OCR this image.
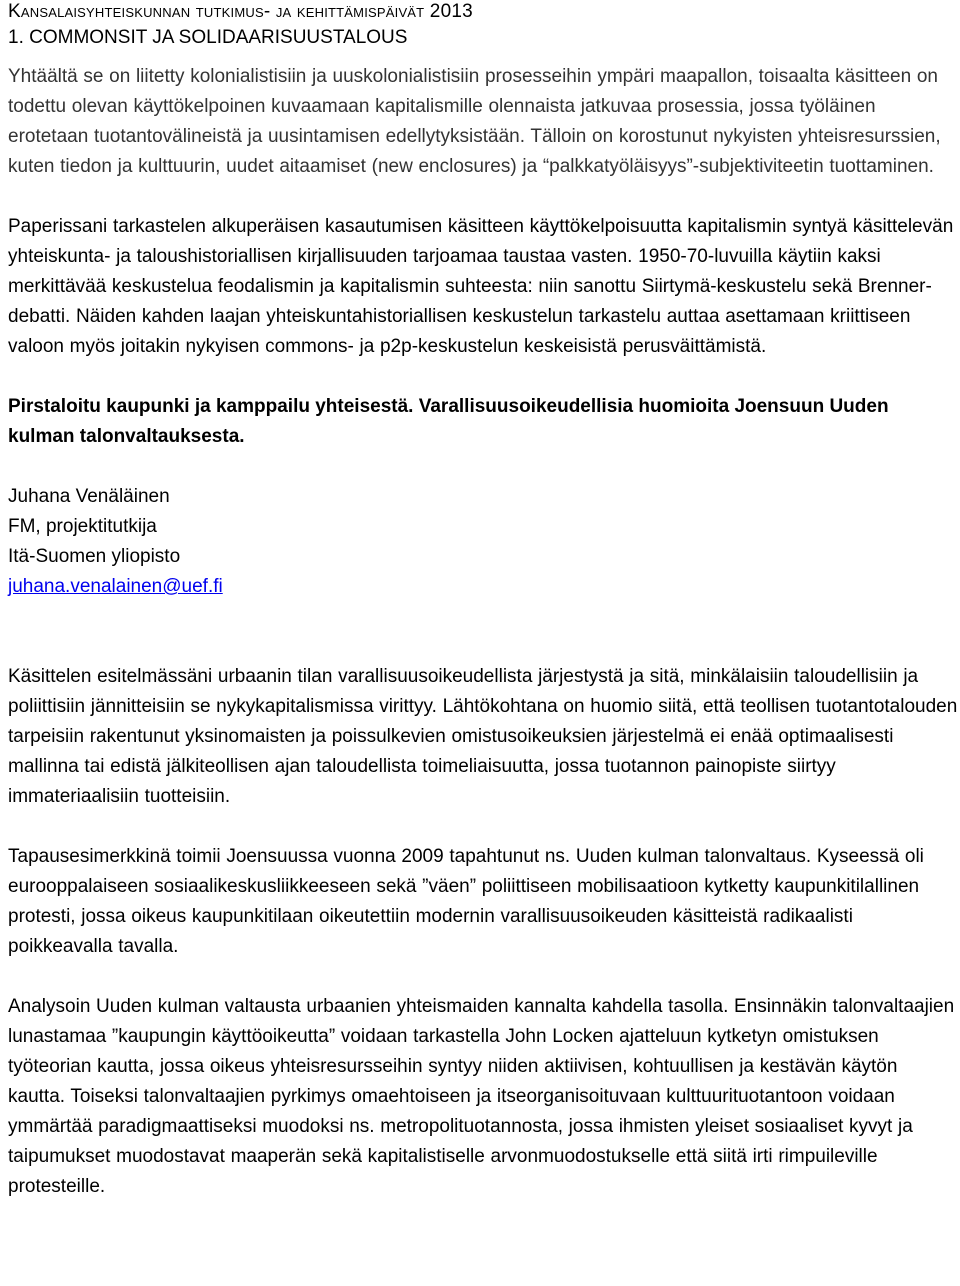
Kansalaisyhteiskunnan tutkimus- ja kehittämispäivät 2013

1. COMMONSIT JA SOLIDAARISUUSTALOUS

Yhtäältä se on liitetty kolonialistisiin ja uuskolonialistisiin prosesseihin ympäri maapallon, toisaalta käsitteen on todettu olevan käyttökelpoinen kuvaamaan kapitalismille olennaista jatkuvaa prosessia, jossa työläinen erotetaan tuotantovälineistä ja uusintamisen edellytyksistään. Tälloin on korostunut nykyisten yhteisresurssien, kuten tiedon ja kulttuurin, uudet aitaamiset (new enclosures) ja “palkkatyöläisyys”-subjektiviteetin tuottaminen.

Paperissani tarkastelen alkuperäisen kasautumisen käsitteen käyttökelpoisuutta kapitalismin syntyä käsittelevän yhteiskunta- ja taloushistoriallisen kirjallisuuden tarjoamaa taustaa vasten. 1950-70-luvuilla käytiin kaksi merkittävää keskustelua feodalismin ja kapitalismin suhteesta: niin sanottu Siirtymä-keskustelu sekä Brenner-debatti. Näiden kahden laajan yhteiskuntahistoriallisen keskustelun tarkastelu auttaa asettamaan kriittiseen valoon myös joitakin nykyisen commons- ja p2p-keskustelun keskeisistä perusväittämistä.

Pirstaloitu kaupunki ja kamppailu yhteisestä. Varallisuusoikeudellisia huomioita Joensuun Uuden kulman talonvaltauksesta.

Juhana Venäläinen

FM, projektitutkija

Itä-Suomen yliopisto

juhana.venalainen@uef.fi

Käsittelen esitelmässäni urbaanin tilan varallisuusoikeudellista järjestystä ja sitä, minkälaisiin taloudellisiin ja poliittisiin jännitteisiin se nykykapitalismissa virittyy. Lähtökohtana on huomio siitä, että teollisen tuotantotalouden tarpeisiin rakentunut yksinomaisten ja poissulkevien omistusoikeuksien järjestelmä ei enää optimaalisesti mallinna tai edistä jälkiteollisen ajan taloudellista toimeliaisuutta, jossa tuotannon painopiste siirtyy immateriaalisiin tuotteisiin.

Tapausesimerkkinä toimii Joensuussa vuonna 2009 tapahtunut ns. Uuden kulman talonvaltaus. Kyseessä oli eurooppalaiseen sosiaalikeskusliikkeeseen sekä ”väen” poliittiseen mobilisaatioon kytketty kaupunkitilallinen protesti, jossa oikeus kaupunkitilaan oikeutettiin modernin varallisuusoikeuden käsitteistä radikaalisti poikkeavalla tavalla.

Analysoin Uuden kulman valtausta urbaanien yhteismaiden kannalta kahdella tasolla. Ensinnäkin talonvaltaajien lunastamaa ”kaupungin käyttöoikeutta” voidaan tarkastella John Locken ajatteluun kytketyn omistuksen työteorian kautta, jossa oikeus yhteisresursseihin syntyy niiden aktiivisen, kohtuullisen ja kestävän käytön kautta. Toiseksi talonvaltaajien pyrkimys omaehtoiseen ja itseorganisoituvaan kulttuurituotantoon voidaan ymmärtää paradigmaattiseksi muodoksi ns. metropolituotannosta, jossa ihmisten yleiset sosiaaliset kyvyt ja taipumukset muodostavat maaperän sekä kapitalistiselle arvonmuodostukselle että siitä irti rimpuileville protesteille.
